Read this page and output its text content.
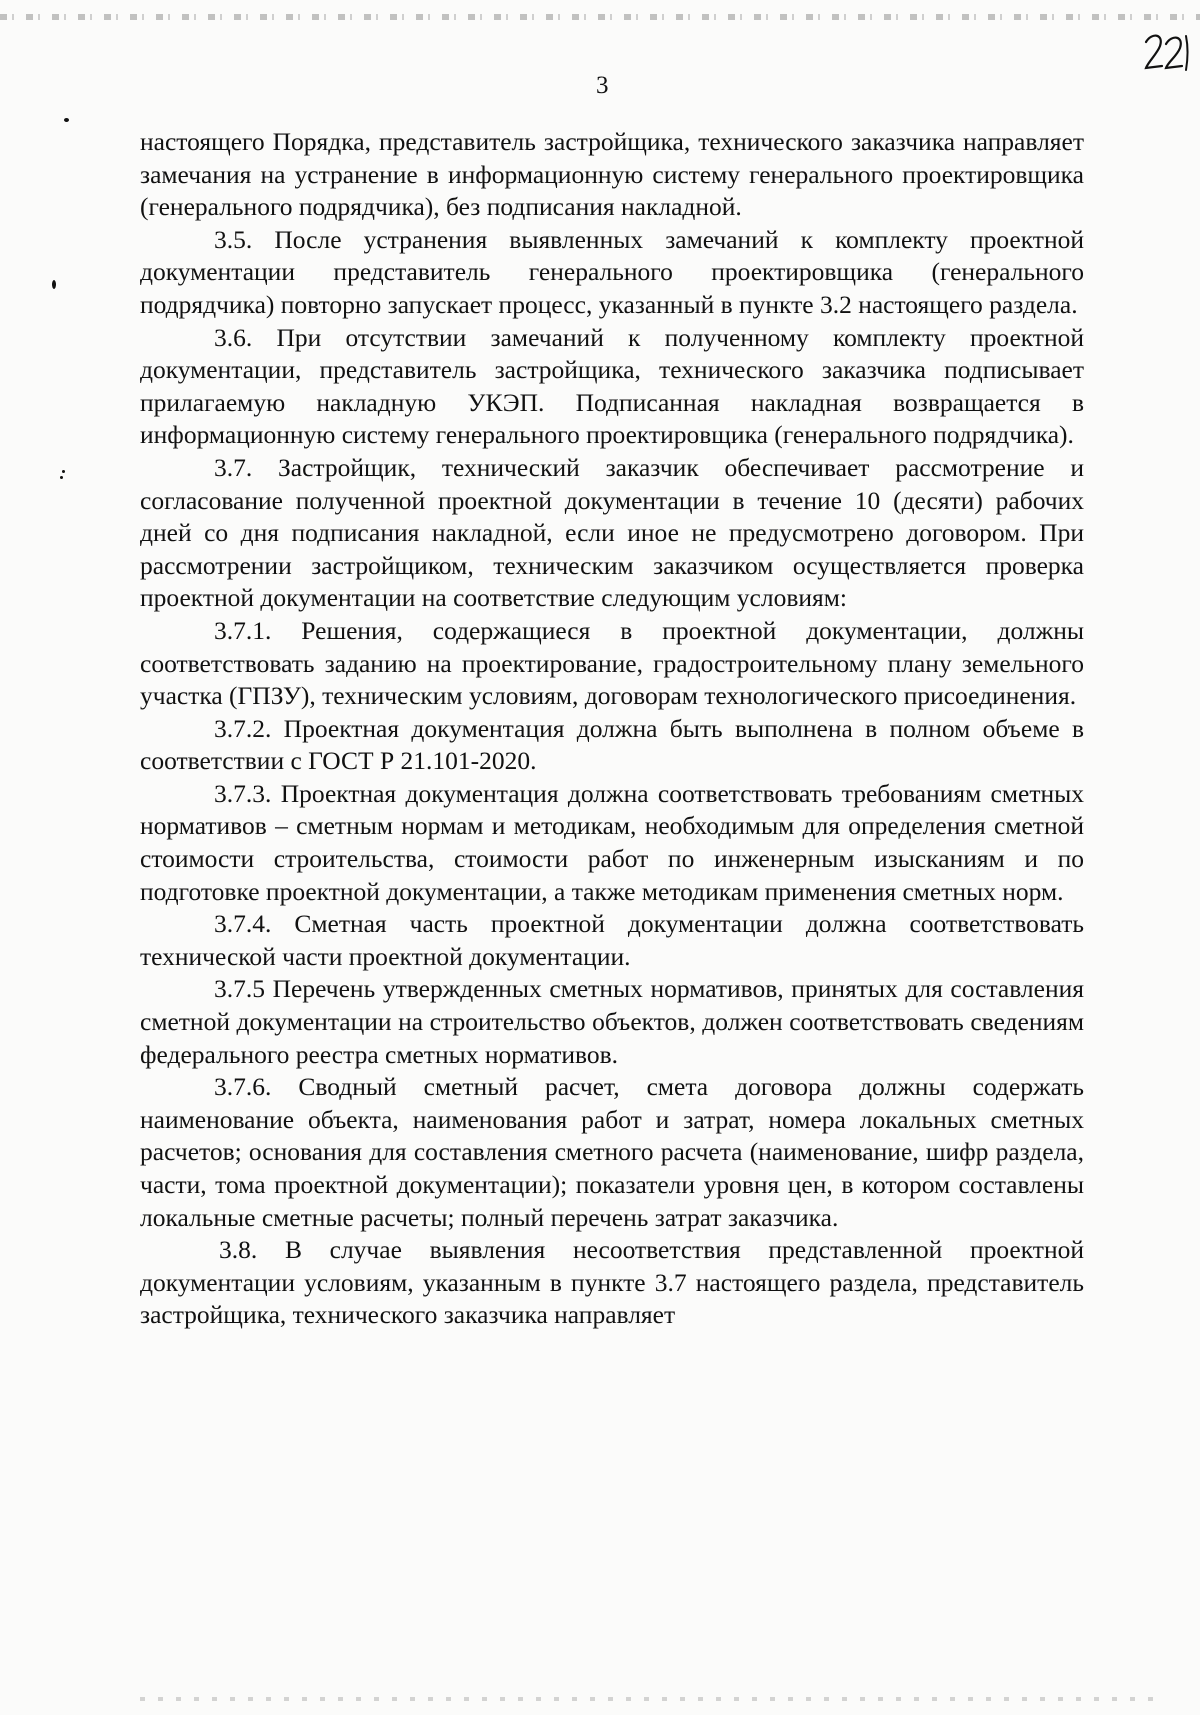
3

настоящего Порядка, представитель застройщика, технического заказчика направляет замечания на устранение в информационную систему генерального проектировщика (генерального подрядчика), без подписания накладной.

3.5. После устранения выявленных замечаний к комплекту проектной документации представитель генерального проектировщика (генерального подрядчика) повторно запускает процесс, указанный в пункте 3.2 настоящего раздела.

3.6. При отсутствии замечаний к полученному комплекту проектной документации, представитель застройщика, технического заказчика подписывает прилагаемую накладную УКЭП. Подписанная накладная возвращается в информационную систему генерального проектировщика (генерального подрядчика).

3.7. Застройщик, технический заказчик обеспечивает рассмотрение и согласование полученной проектной документации в течение 10 (десяти) рабочих дней со дня подписания накладной, если иное не предусмотрено договором. При рассмотрении застройщиком, техническим заказчиком осуществляется проверка проектной документации на соответствие следующим условиям:

3.7.1. Решения, содержащиеся в проектной документации, должны соответствовать заданию на проектирование, градостроительному плану земельного участка (ГПЗУ), техническим условиям, договорам технологического присоединения.

3.7.2. Проектная документация должна быть выполнена в полном объеме в соответствии с ГОСТ Р 21.101-2020.

3.7.3. Проектная документация должна соответствовать требованиям сметных нормативов – сметным нормам и методикам, необходимым для определения сметной стоимости строительства, стоимости работ по инженерным изысканиям и по подготовке проектной документации, а также методикам применения сметных норм.

3.7.4. Сметная часть проектной документации должна соответствовать технической части проектной документации.

3.7.5 Перечень утвержденных сметных нормативов, принятых для составления сметной документации на строительство объектов, должен соответствовать сведениям федерального реестра сметных нормативов.

3.7.6. Сводный сметный расчет, смета договора должны содержать наименование объекта, наименования работ и затрат, номера локальных сметных расчетов; основания для составления сметного расчета (наименование, шифр раздела, части, тома проектной документации); показатели уровня цен, в котором составлены локальные сметные расчеты; полный перечень затрат заказчика.

3.8. В случае выявления несоответствия представленной проектной документации условиям, указанным в пункте 3.7 настоящего раздела, представитель застройщика, технического заказчика направляет
